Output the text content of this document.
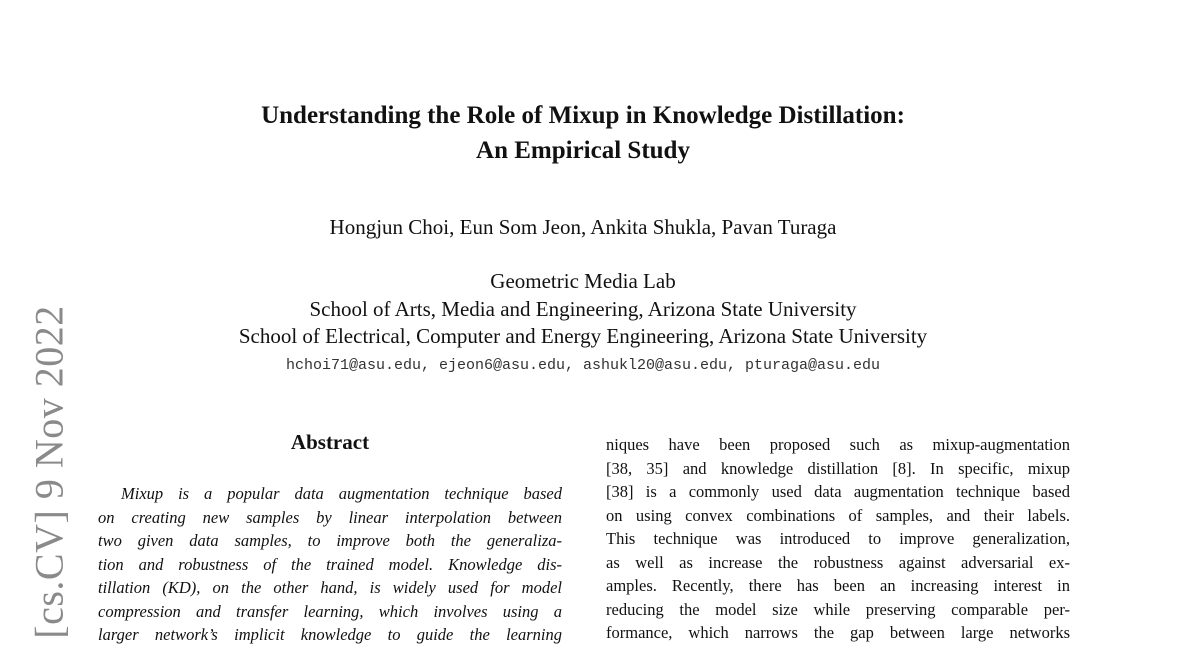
[cs.CV] 9 Nov 2022
Understanding the Role of Mixup in Knowledge Distillation:
An Empirical Study
Hongjun Choi, Eun Som Jeon, Ankita Shukla, Pavan Turaga
Geometric Media Lab
School of Arts, Media and Engineering, Arizona State University
School of Electrical, Computer and Energy Engineering, Arizona State University
hchoi71@asu.edu, ejeon6@asu.edu, ashukl20@asu.edu, pturaga@asu.edu
Abstract
Mixup is a popular data augmentation technique based
on creating new samples by linear interpolation between
two given data samples, to improve both the generaliza-
tion and robustness of the trained model. Knowledge dis-
tillation (KD), on the other hand, is widely used for model
compression and transfer learning, which involves using a
larger network’s implicit knowledge to guide the learning
niques have been proposed such as mixup-augmentation
[38, 35] and knowledge distillation [8]. In specific, mixup
[38] is a commonly used data augmentation technique based
on using convex combinations of samples, and their labels.
This technique was introduced to improve generalization,
as well as increase the robustness against adversarial ex-
amples. Recently, there has been an increasing interest in
reducing the model size while preserving comparable per-
formance, which narrows the gap between large networks
